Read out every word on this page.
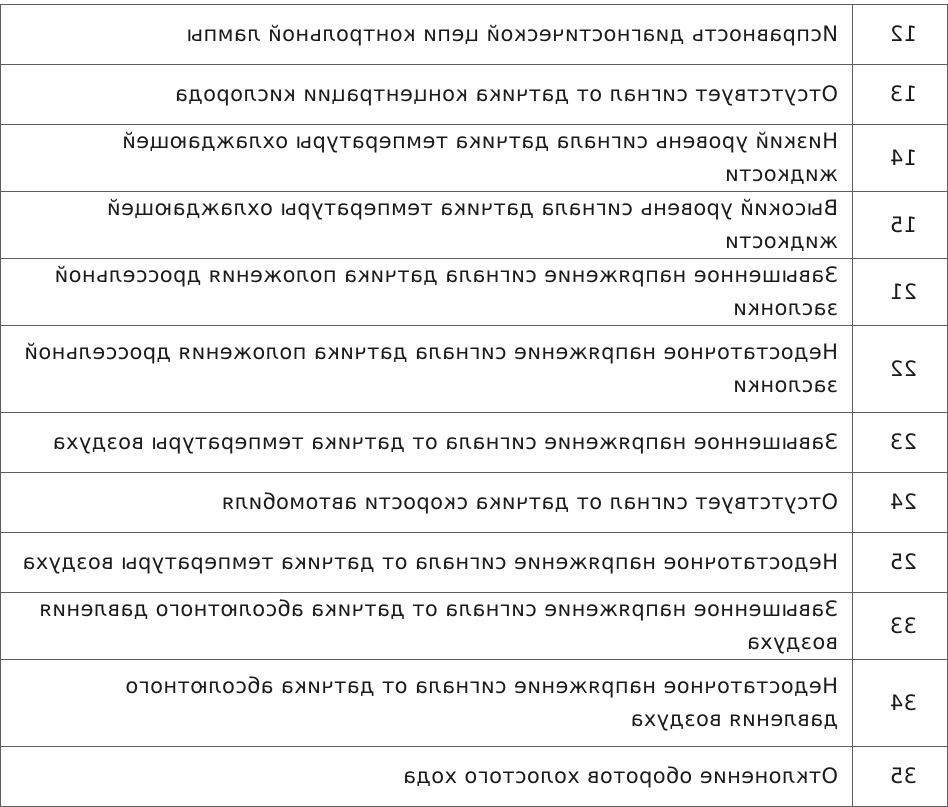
12	Исправность диагностической цепи контрольной лампы
13	Отсутствует сигнал от датчика концентрации кислорода
14	Низкий уровень сигнала датчика температуры охлаждающей жидкости
15	Высокий уровень сигнала датчика температуры охлаждающей жидкости
21	Завышенное напряжение сигнала датчика положения дроссельной заслонки
22	Недостаточное напряжение сигнала датчика положения дроссельной заслонки
23	Завышенное напряжение сигнала от датчика температуры воздуха
24	Отсутствует сигнал от датчика скорости автомобиля
25	Недостаточное напряжение сигнала от датчика температуры воздуха
33	Завышенное напряжение сигнала от датчика абсолютного давления воздуха
34	Недостаточное напряжение сигнала от датчика абсолютного давления воздуха
35	Отклонение оборотов холостого хода
